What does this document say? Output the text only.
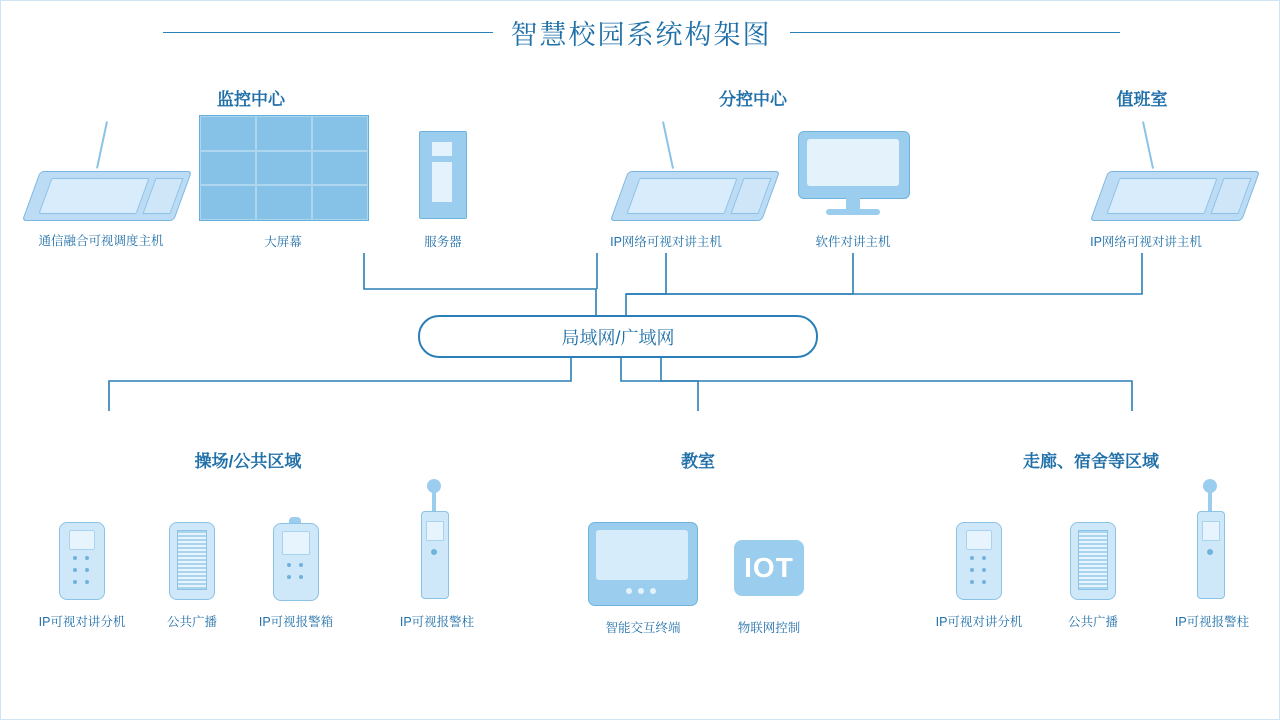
智慧校园系统构架图
局域网/广域网
监控中心	分控中心	值班室
通信融合可视调度主机	大屏幕	服务器	IP网络可视对讲主机	软件对讲主机	IP网络可视对讲主机
操场/公共区域	教室	走廊、宿舍等区域
IP可视对讲分机	公共广播	IP可视报警箱	IP可视报警柱	智能交互终端
IOT
物联网控制	IP可视对讲分机	公共广播	IP可视报警柱
